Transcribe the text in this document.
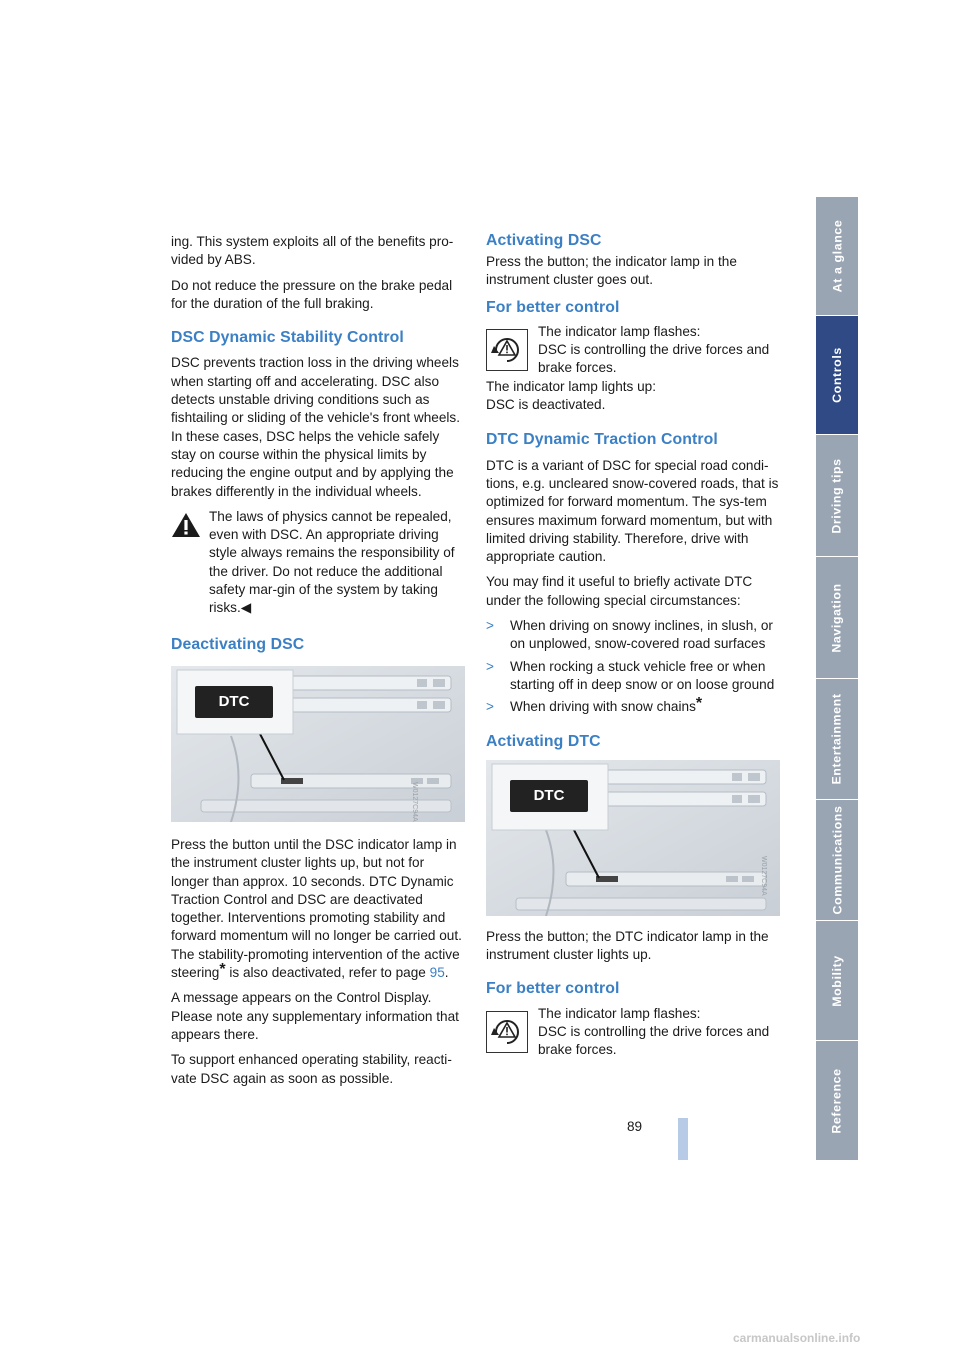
ing. This system exploits all of the benefits pro-vided by ABS.

Do not reduce the pressure on the brake pedal for the duration of the full braking.

DSC Dynamic Stability Control

DSC prevents traction loss in the driving wheels when starting off and accelerating. DSC also detects unstable driving conditions such as fishtailing or sliding of the vehicle's front wheels. In these cases, DSC helps the vehicle safely stay on course within the physical limits by reducing the engine output and by applying the brakes differently in the individual wheels.

The laws of physics cannot be repealed, even with DSC. An appropriate driving style always remains the responsibility of the driver. Do not reduce the additional safety mar-gin of the system by taking risks.◀
Deactivating DSC
DTC
W0127C94A

Press the button until the DSC indicator lamp in the instrument cluster lights up, but not for longer than approx. 10 seconds. DTC Dynamic Traction Control and DSC are deactivated together. Interventions promoting stability and forward momentum will no longer be carried out. The stability-promoting intervention of the active steering* is also deactivated, refer to page 95.

A message appears on the Control Display. Please note any supplementary information that appears there.

To support enhanced operating stability, reacti-vate DSC again as soon as possible.

Activating DSC

Press the button; the indicator lamp in the instrument cluster goes out.

For better control
The indicator lamp flashes:
DSC is controlling the drive forces and brake forces.
The indicator lamp lights up:

DSC is deactivated.

DTC Dynamic Traction Control

DTC is a variant of DSC for special road condi-tions, e.g. uncleared snow-covered roads, that is optimized for forward momentum. The sys-tem ensures maximum forward momentum, but with limited driving stability. Therefore, drive with appropriate caution.

You may find it useful to briefly activate DTC under the following special circumstances:

> When driving on snowy inclines, in slush, or on unplowed, snow-covered road surfaces
> When rocking a stuck vehicle free or when starting off in deep snow or on loose ground
> When driving with snow chains*
Activating DTC
DTC
W0127C94A

Press the button; the DTC indicator lamp in the instrument cluster lights up.

For better control
The indicator lamp flashes:
DSC is controlling the drive forces and brake forces.
At a glance
Controls
Driving tips
Navigation
Entertainment
Communications
Mobility
Reference
89
carmanualsonline.info
